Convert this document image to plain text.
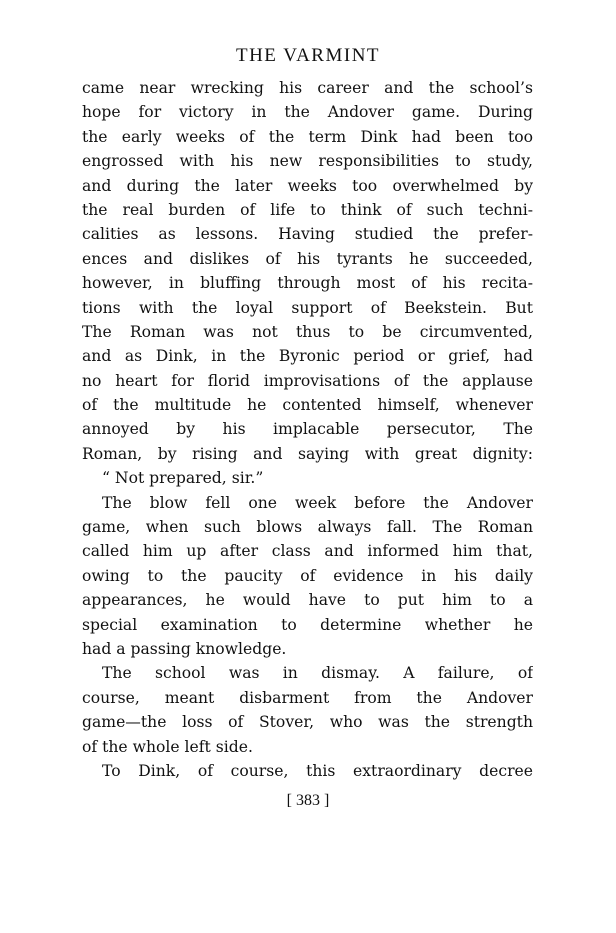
THE VARMINT
came near wrecking his career and the school’s
hope for victory in the Andover game. During
the early weeks of the term Dink had been too
engrossed with his new responsibilities to study,
and during the later weeks too overwhelmed by
the real burden of life to think of such techni-
calities as lessons. Having studied the prefer-
ences and dislikes of his tyrants he succeeded,
however, in bluffing through most of his recita-
tions with the loyal support of Beekstein. But
The Roman was not thus to be circumvented,
and as Dink, in the Byronic period or grief, had
no heart for florid improvisations of the applause
of the multitude he contented himself, whenever
annoyed by his implacable persecutor, The
Roman, by rising and saying with great dignity:
“ Not prepared, sir.”
The blow fell one week before the Andover
game, when such blows always fall. The Roman
called him up after class and informed him that,
owing to the paucity of evidence in his daily
appearances, he would have to put him to a
special examination to determine whether he
had a passing knowledge.
The school was in dismay. A failure, of
course, meant disbarment from the Andover
game—the loss of Stover, who was the strength
of the whole left side.
To Dink, of course, this extraordinary decree
[ 383 ]
